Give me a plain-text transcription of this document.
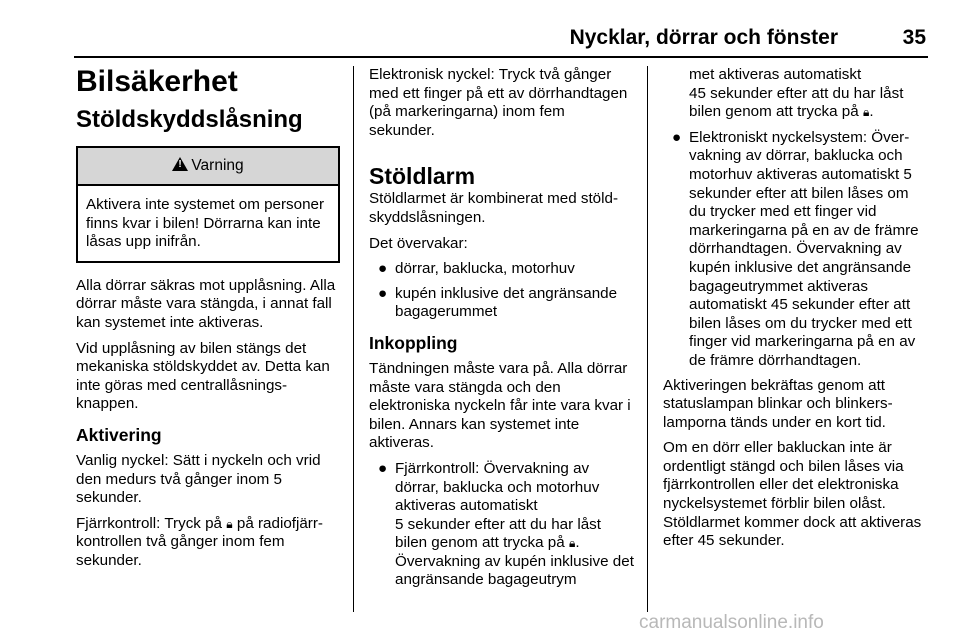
Nycklar, dörrar och fönster	35
Bilsäkerhet
Stöldskyddslåsning
!Varning
Aktivera inte systemet om personer finns kvar i bilen! Dörrarna kan inte låsas upp inifrån.

Alla dörrar säkras mot upplåsning. Alla dörrar måste vara stängda, i annat fall kan systemet inte aktiveras.

Vid upplåsning av bilen stängs det mekaniska stöldskyddet av. Detta kan inte göras med centrallåsningsknappen.

Aktivering

Vanlig nyckel: Sätt i nyckeln och vrid den medurs två gånger inom 5 sekunder.

Fjärrkontroll: Tryck på 🔒︎ på radiofjärrkontrollen två gånger inom fem sekunder.

Elektronisk nyckel: Tryck två gånger med ett finger på ett av dörrhandtagen (på markeringarna) inom fem sekunder.

Stöldlarm

Stöldlarmet är kombinerat med stöldskyddslåsningen.

Det övervakar:

● dörrar, baklucka, motorhuv
● kupén inklusive det angränsande bagagerummet
Inkoppling

Tändningen måste vara på. Alla dörrar måste vara stängda och den elektroniska nyckeln får inte vara kvar i bilen. Annars kan systemet inte aktiveras.

● Fjärrkontroll: Övervakning av dörrar, baklucka och motorhuv aktiveras automatiskt
5 sekunder efter att du har låst bilen genom att trycka på 🔒︎.
Övervakning av kupén inklusive det angränsande bagageutrym
met aktiveras automatiskt
45 sekunder efter att du har låst bilen genom att trycka på 🔒︎.
● Elektroniskt nyckelsystem: Övervakning av dörrar, baklucka och motorhuv aktiveras automatiskt 5 sekunder efter att bilen låses om du trycker med ett finger vid markeringarna på en av de främre dörrhandtagen. Övervakning av kupén inklusive det angränsande bagageutrymmet aktiveras automatiskt 45 sekunder efter att bilen låses om du trycker med ett finger vid markeringarna på en av de främre dörrhandtagen.

Aktiveringen bekräftas genom att statuslampan blinkar och blinkerslamporna tänds under en kort tid.

Om en dörr eller bakluckan inte är ordentligt stängd och bilen låses via fjärrkontrollen eller det elektroniska nyckelsystemet förblir bilen olåst. Stöldlarmet kommer dock att aktiveras efter 45 sekunder.

carmanualsonline.info
